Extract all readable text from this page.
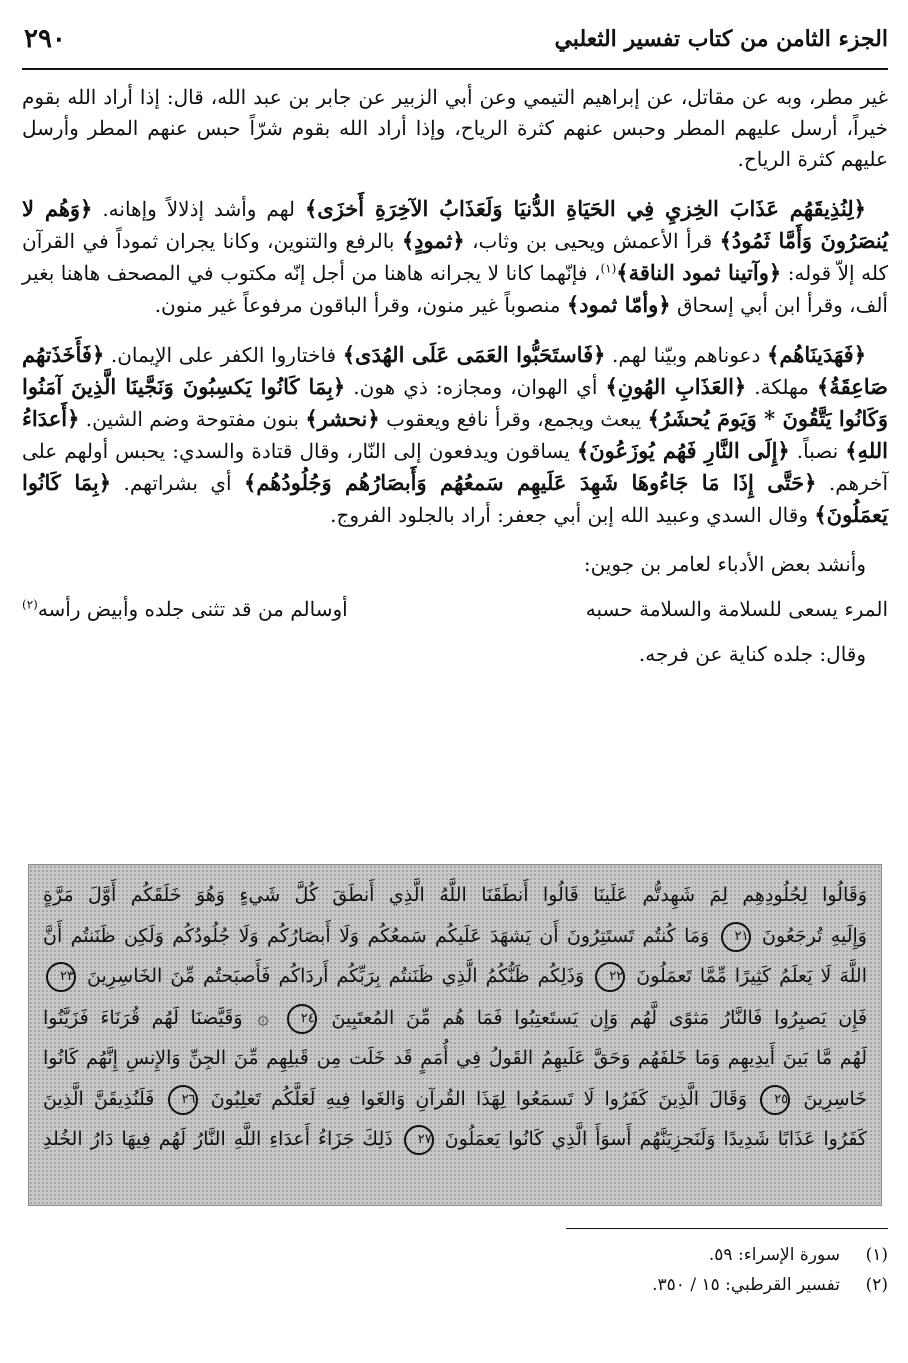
الجزء الثامن من كتاب تفسير الثعلبي
٢٩٠

غير مطر، وبه عن مقاتل، عن إبراهيم التيمي وعن أبي الزبير عن جابر بن عبد الله، قال: إذا أراد الله بقوم خيراً، أرسل عليهم المطر وحبس عنهم كثرة الرياح، وإذا أراد الله بقوم شرّاً حبس عنهم المطر وأرسل عليهم كثرة الرياح.

﴿لِنُذِيقَهُم عَذَابَ الخِزيِ فِي الحَيَاةِ الدُّنيَا وَلَعَذَابُ الآخِرَةِ أَخزَى﴾ لهم وأشد إذلالاً وإهانه. ﴿وَهُم لا يُنصَرُونَ وَأَمَّا ثَمُودُ﴾ قرأ الأعمش ويحيى بن وثاب، ﴿ثمودٍ﴾ بالرفع والتنوين، وكانا يجران ثموداً في القرآن كله إلاّ قوله: ﴿وآتينا ثمود الناقة﴾$^{(١)}$، فإنّهما كانا لا يجرانه هاهنا من أجل إنّه مكتوب في المصحف هاهنا بغير ألف، وقرأ ابن أبي إسحاق ﴿وأمّا ثمود﴾ منصوباً غير منون، وقرأ الباقون مرفوعاً غير منون.

﴿فَهَدَينَاهُم﴾ دعوناهم وبيّنا لهم. ﴿فَاستَحَبُّوا العَمَى عَلَى الهُدَى﴾ فاختاروا الكفر على الإيمان. ﴿فَأَخَذَتهُم صَاعِقَةُ﴾ مهلكة. ﴿العَذَابِ الهُونِ﴾ أي الهوان، ومجازه: ذي هون. ﴿بِمَا كَانُوا يَكسِبُونَ وَنَجَّينَا الَّذِينَ آمَنُوا وَكَانُوا يَتَّقُونَ * وَيَومَ يُحشَرُ﴾ يبعث ويجمع، وقرأ نافع ويعقوب ﴿نحشر﴾ بنون مفتوحة وضم الشين. ﴿أَعدَاءُ اللهِ﴾ نصباً. ﴿إِلَى النَّارِ فَهُم يُوزَعُونَ﴾ يساقون ويدفعون إلى النّار، وقال قتادة والسدي: يحبس أولهم على آخرهم. ﴿حَتَّى إِذَا مَا جَاءُوهَا شَهِدَ عَلَيهِم سَمعُهُم وَأَبصَارُهُم وَجُلُودُهُم﴾ أي بشراتهم. ﴿بِمَا كَانُوا يَعمَلُونَ﴾ وقال السدي وعبيد الله إبن أبي جعفر: أراد بالجلود الفروج.

وأنشد بعض الأدباء لعامر بن جوين:

المرء يسعى للسلامة والسلامة حسبه
أوسالم من قد تثنى جلده وأبيض رأسه$^{(٢)}$

وقال: جلده كناية عن فرجه.

وَقَالُوا لِجُلُودِهِم لِمَ شَهِدتُّم عَلَينَا قَالُوا أَنطَقَنَا اللَّهُ الَّذِي أَنطَقَ كُلَّ شَيءٍ وَهُوَ خَلَقَكُم أَوَّلَ مَرَّةٍ
وَإِلَيهِ تُرجَعُونَ ٢١ وَمَا كُنتُم تَستَتِرُونَ أَن يَشهَدَ عَلَيكُم سَمعُكُم وَلَا أَبصَارُكُم وَلَا جُلُودُكُم وَلَكِن ظَنَنتُم أَنَّ
اللَّهَ لَا يَعلَمُ كَثِيرًا مِّمَّا تَعمَلُونَ ٢٢ وَذَلِكُم ظَنُّكُمُ الَّذِي ظَنَنتُم بِرَبِّكُم أَردَاكُم فَأَصبَحتُم مِّنَ الخَاسِرِينَ ٢٣
فَإِن يَصبِرُوا فَالنَّارُ مَثوًى لَّهُم وَإِن يَستَعتِبُوا فَمَا هُم مِّنَ المُعتَبِينَ ٢٤ ۞ وَقَيَّضنَا لَهُم قُرَنَاءَ فَزَيَّنُوا
لَهُم مَّا بَينَ أَيدِيهِم وَمَا خَلفَهُم وَحَقَّ عَلَيهِمُ القَولُ فِي أُمَمٍ قَد خَلَت مِن قَبلِهِم مِّنَ الجِنِّ وَالإِنسِ إِنَّهُم كَانُوا
خَاسِرِينَ ٢٥ وَقَالَ الَّذِينَ كَفَرُوا لَا تَسمَعُوا لِهَذَا القُرآنِ وَالغَوا فِيهِ لَعَلَّكُم تَغلِبُونَ ٢٦ فَلَنُذِيقَنَّ الَّذِينَ
كَفَرُوا عَذَابًا شَدِيدًا وَلَنَجزِيَنَّهُم أَسوَأَ الَّذِي كَانُوا يَعمَلُونَ ٢٧ ذَلِكَ جَزَاءُ أَعدَاءِ اللَّهِ النَّارُ لَهُم فِيهَا دَارُ الخُلدِ

(١)سورة الإسراء: ٥٩.

(٢)تفسير القرطبي: ١٥ / ٣٥٠.
